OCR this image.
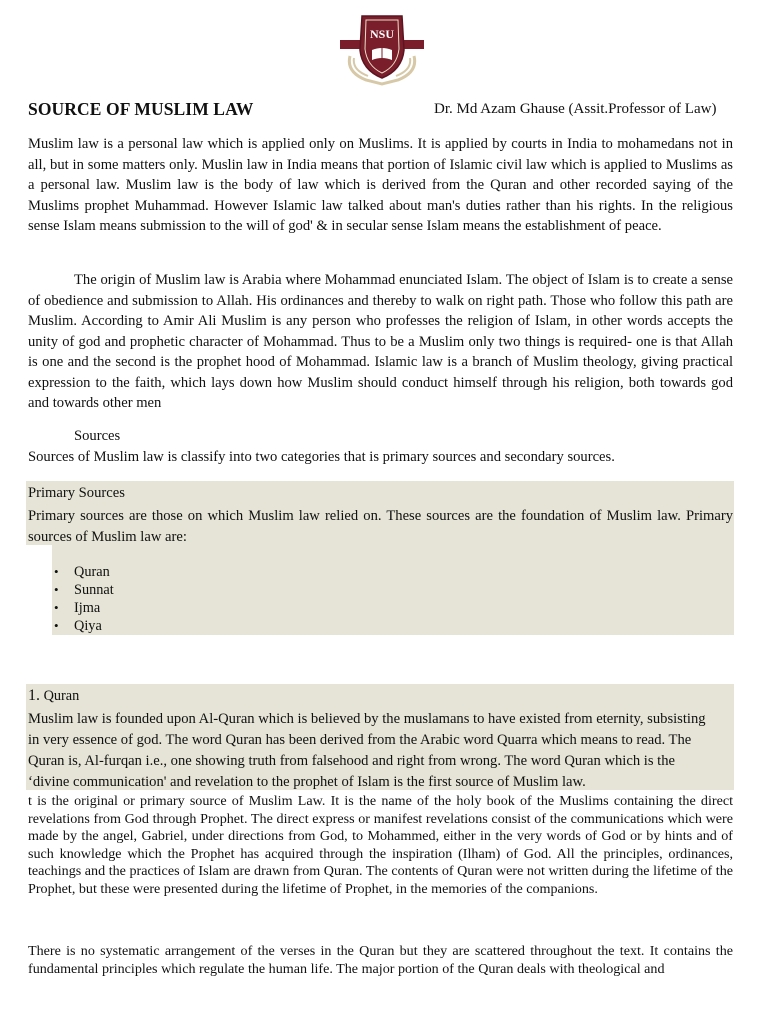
NSU
SOURCE OF MUSLIM LAW	Dr. Md Azam Ghause (Assit.Professor of Law)

Muslim law is a personal law which is applied only on Muslims. It is applied by courts in India to mohamedans not in all, but in some matters only. Muslin law in India means that portion of Islamic civil law which is applied to Muslims as a personal law. Muslim law is the body of law which is derived from the Quran and other recorded saying of the Muslims prophet Muhammad. However Islamic law talked about man's duties rather than his rights. In the religious sense Islam means submission to the will of god' & in secular sense Islam means the establishment of peace.

The origin of Muslim law is Arabia where Mohammad enunciated Islam. The object of Islam is to create a sense of obedience and submission to Allah. His ordinances and thereby to walk on right path. Those who follow this path are Muslim. According to Amir Ali Muslim is any person who professes the religion of Islam, in other words accepts the unity of god and prophetic character of Mohammad. Thus to be a Muslim only two things is required- one is that Allah is one and the second is the prophet hood of Mohammad. Islamic law is a branch of Muslim theology, giving practical expression to the faith, which lays down how Muslim should conduct himself through his religion, both towards god and towards other men

Sources
Sources of Muslim law is classify into two categories that is primary sources and secondary sources.
Primary Sources

Primary sources are those on which Muslim law relied on. These sources are the foundation of Muslim law. Primary sources of Muslim law are:

• Quran
• Sunnat
• Ijma
• Qiya
1. Quran
Muslim law is founded upon Al-Quran which is believed by the muslamans to have existed from eternity, subsisting
in very essence of god. The word Quran has been derived from the Arabic word Quarra which means to read. The
Quran is, Al-furqan i.e., one showing truth from falsehood and right from wrong. The word Quran which is the
‘divine communication' and revelation to the prophet of Islam is the first source of Muslim law.

t is the original or primary source of Muslim Law. It is the name of the holy book of the Muslims containing the direct revelations from God through Prophet. The direct express or manifest revelations consist of the communications which were made by the angel, Gabriel, under directions from God, to Mohammed, either in the very words of God or by hints and of such knowledge which the Prophet has acquired through the inspiration (Ilham) of God. All the principles, ordinances, teachings and the practices of Islam are drawn from Quran. The contents of Quran were not written during the lifetime of the Prophet, but these were presented during the lifetime of Prophet, in the memories of the companions.

There is no systematic arrangement of the verses in the Quran but they are scattered throughout the text. It contains the fundamental principles which regulate the human life. The major portion of the Quran deals with theological and
